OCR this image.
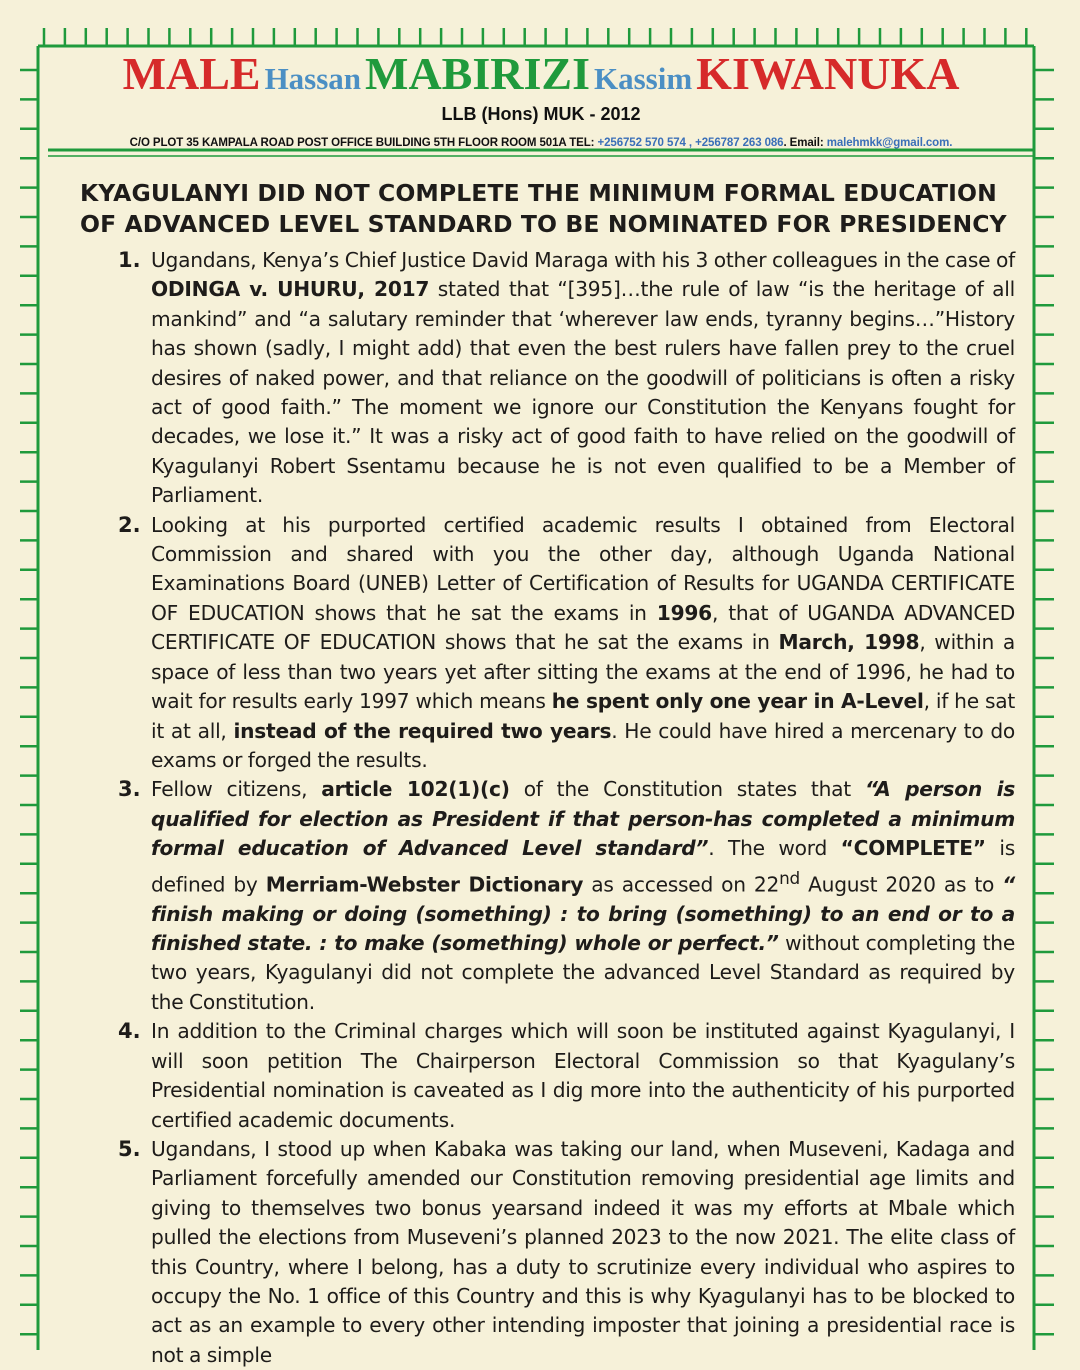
MALE Hassan MABIRIZI Kassim KIWANUKA
LLB (Hons) MUK - 2012
C/O PLOT 35 KAMPALA ROAD POST OFFICE BUILDING 5TH FLOOR ROOM 501A TEL: +256752 570 574 , +256787 263 086. Email: malehmkk@gmail.com.
KYAGULANYI DID NOT COMPLETE THE MINIMUM FORMAL EDUCATION OF ADVANCED LEVEL STANDARD TO BE NOMINATED FOR PRESIDENCY
1. Ugandans, Kenya’s Chief Justice David Maraga with his 3 other colleagues in the case of ODINGA v. UHURU, 2017 stated that “[395]…the rule of law “is the heritage of all mankind” and “a salutary reminder that ‘wherever law ends, tyranny begins…”History has shown (sadly, I might add) that even the best rulers have fallen prey to the cruel desires of naked power, and that reliance on the goodwill of politicians is often a risky act of good faith.” The moment we ignore our Constitution the Kenyans fought for decades, we lose it.” It was a risky act of good faith to have relied on the goodwill of Kyagulanyi Robert Ssentamu because he is not even qualified to be a Member of Parliament.
2. Looking at his purported certified academic results I obtained from Electoral Commission and shared with you the other day, although Uganda National Examinations Board (UNEB) Letter of Certification of Results for UGANDA CERTIFICATE OF EDUCATION shows that he sat the exams in 1996, that of UGANDA ADVANCED CERTIFICATE OF EDUCATION shows that he sat the exams in March, 1998, within a space of less than two years yet after sitting the exams at the end of 1996, he had to wait for results early 1997 which means he spent only one year in A-Level, if he sat it at all, instead of the required two years. He could have hired a mercenary to do exams or forged the results.
3. Fellow citizens, article 102(1)(c) of the Constitution states that “A person is qualified for election as President if that person-has completed a minimum formal education of Advanced Level standard”. The word “COMPLETE” is defined by Merriam-Webster Dictionary as accessed on 22nd August 2020 as to “ finish making or doing (something) : to bring (something) to an end or to a finished state. : to make (something) whole or perfect.” without completing the two years, Kyagulanyi did not complete the advanced Level Standard as required by the Constitution.
4. In addition to the Criminal charges which will soon be instituted against Kyagulanyi, I will soon petition The Chairperson Electoral Commission so that Kyagulany’s Presidential nomination is caveated as I dig more into the authenticity of his purported certified academic documents.
5. Ugandans, I stood up when Kabaka was taking our land, when Museveni, Kadaga and Parliament forcefully amended our Constitution removing presidential age limits and giving to themselves two bonus yearsand indeed it was my efforts at Mbale which pulled the elections from Museveni’s planned 2023 to the now 2021. The elite class of this Country, where I belong, has a duty to scrutinize every individual who aspires to occupy the No. 1 office of this Country and this is why Kyagulanyi has to be blocked to act as an example to every other intending imposter that joining a presidential race is not a simple
